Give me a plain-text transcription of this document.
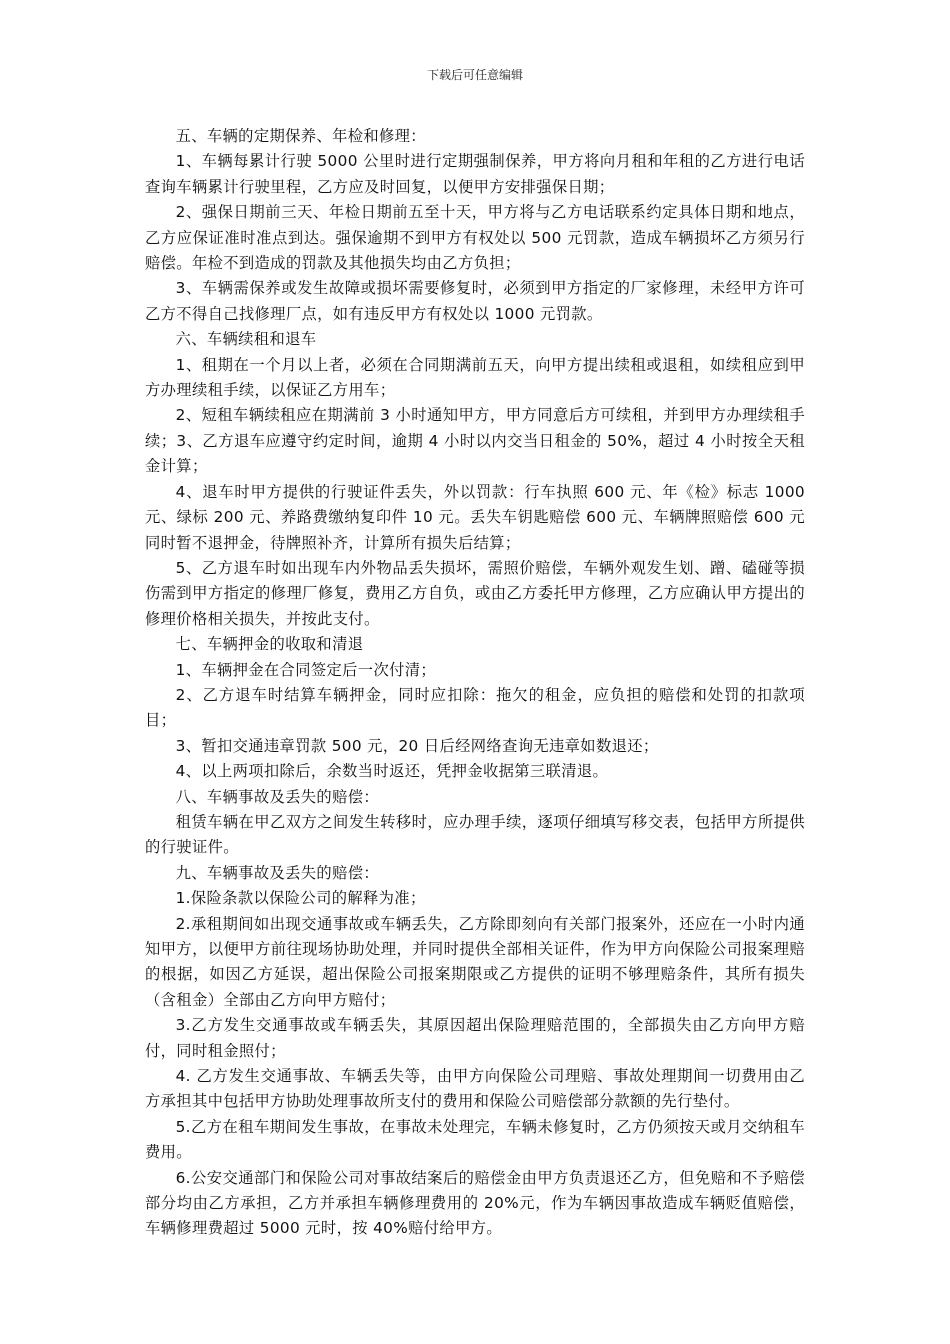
下载后可任意编辑

五、车辆的定期保养、年检和修理：

1、车辆每累计行驶 5000 公里时进行定期强制保养，甲方将向月租和年租的乙方进行电话查询车辆累计行驶里程，乙方应及时回复，以便甲方安排强保日期；

2、强保日期前三天、年检日期前五至十天，甲方将与乙方电话联系约定具体日期和地点，乙方应保证准时准点到达。强保逾期不到甲方有权处以 500 元罚款，造成车辆损坏乙方须另行赔偿。年检不到造成的罚款及其他损失均由乙方负担；

3、车辆需保养或发生故障或损坏需要修复时，必须到甲方指定的厂家修理，未经甲方许可乙方不得自己找修理厂点，如有违反甲方有权处以 1000 元罚款。

六、车辆续租和退车

1、租期在一个月以上者，必须在合同期满前五天，向甲方提出续租或退租，如续租应到甲方办理续租手续，以保证乙方用车；

2、短租车辆续租应在期满前 3 小时通知甲方，甲方同意后方可续租，并到甲方办理续租手续；3、乙方退车应遵守约定时间，逾期 4 小时以内交当日租金的 50%，超过 4 小时按全天租金计算；

4、退车时甲方提供的行驶证件丢失，外以罚款：行车执照 600 元、年《检》标志 1000 元、绿标 200 元、养路费缴纳复印件 10 元。丢失车钥匙赔偿 600 元、车辆牌照赔偿 600 元同时暂不退押金，待牌照补齐，计算所有损失后结算；

5、乙方退车时如出现车内外物品丢失损坏，需照价赔偿，车辆外观发生划、蹭、磕碰等损伤需到甲方指定的修理厂修复，费用乙方自负，或由乙方委托甲方修理，乙方应确认甲方提出的修理价格相关损失，并按此支付。

七、车辆押金的收取和清退

1、车辆押金在合同签定后一次付清；

2、乙方退车时结算车辆押金，同时应扣除：拖欠的租金，应负担的赔偿和处罚的扣款项目；

3、暂扣交通违章罚款 500 元，20 日后经网络查询无违章如数退还；

4、以上两项扣除后，余数当时返还，凭押金收据第三联清退。

八、车辆事故及丢失的赔偿：

租赁车辆在甲乙双方之间发生转移时，应办理手续，逐项仔细填写移交表，包括甲方所提供的行驶证件。

九、车辆事故及丢失的赔偿：

1.保险条款以保险公司的解释为准；

2.承租期间如出现交通事故或车辆丢失，乙方除即刻向有关部门报案外，还应在一小时内通知甲方，以便甲方前往现场协助处理，并同时提供全部相关证件，作为甲方向保险公司报案理赔的根据，如因乙方延误，超出保险公司报案期限或乙方提供的证明不够理赔条件，其所有损失（含租金）全部由乙方向甲方赔付；

3.乙方发生交通事故或车辆丢失，其原因超出保险理赔范围的，全部损失由乙方向甲方赔付，同时租金照付；

4. 乙方发生交通事故、车辆丢失等，由甲方向保险公司理赔、事故处理期间一切费用由乙方承担其中包括甲方协助处理事故所支付的费用和保险公司赔偿部分款额的先行垫付。

5.乙方在租车期间发生事故，在事故未处理完，车辆未修复时，乙方仍须按天或月交纳租车费用。

6.公安交通部门和保险公司对事故结案后的赔偿金由甲方负责退还乙方，但免赔和不予赔偿部分均由乙方承担，乙方并承担车辆修理费用的 20%元，作为车辆因事故造成车辆贬值赔偿，车辆修理费超过 5000 元时，按 40%赔付给甲方。
